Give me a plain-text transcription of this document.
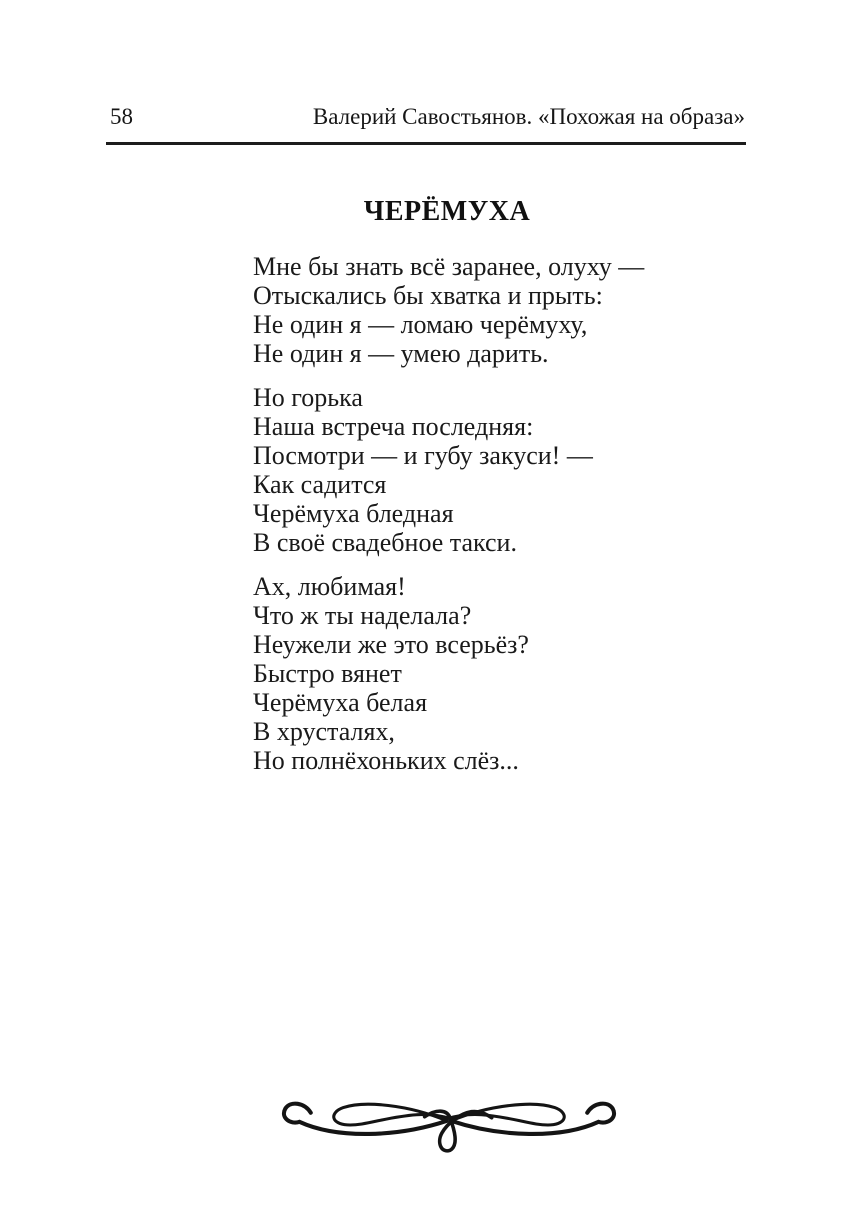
58	Валерий Савостьянов. «Похожая на образа»
ЧЕРЁМУХА
Мне бы знать всё заранее, олуху —
Отыскались бы хватка и прыть:
Не один я — ломаю черёмуху,
Не один я — умею дарить.
Но горька
Наша встреча последняя:
Посмотри — и губу закуси! —
Как садится
Черёмуха бледная
В своё свадебное такси.
Ах, любимая!
Что ж ты наделала?
Неужели же это всерьёз?
Быстро вянет
Черёмуха белая
В хрусталях,
Но полнёхоньких слёз...
